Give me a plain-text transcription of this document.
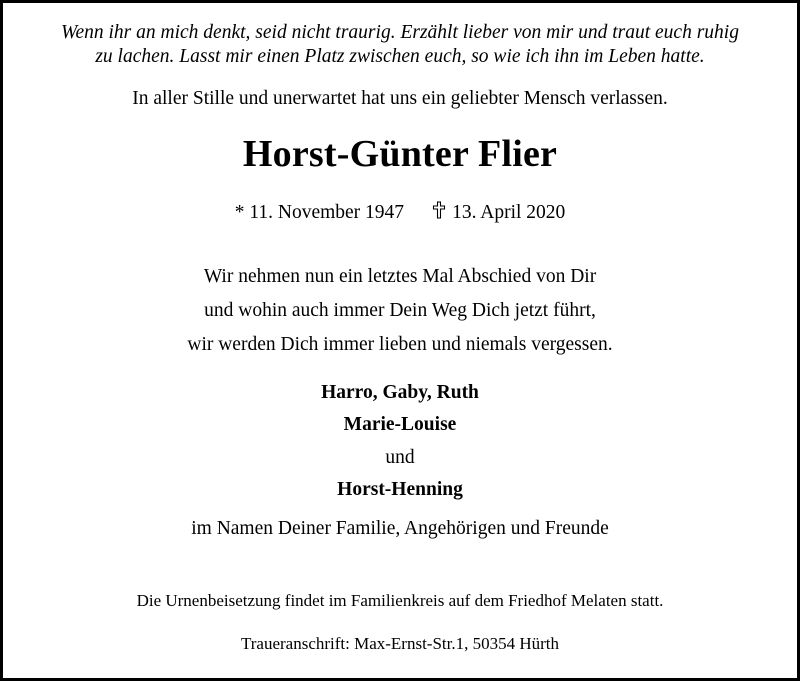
Wenn ihr an mich denkt, seid nicht traurig. Erzählt lieber von mir und traut euch ruhig
zu lachen. Lasst mir einen Platz zwischen euch, so wie ich ihn im Leben hatte.
In aller Stille und unerwartet hat uns ein geliebter Mensch verlassen.
Horst-Günter Flier
* 11. November 1947 13. April 2020
Wir nehmen nun ein letztes Mal Abschied von Dir
und wohin auch immer Dein Weg Dich jetzt führt,
wir werden Dich immer lieben und niemals vergessen.
Harro, Gaby, Ruth
Marie-Louise
und
Horst-Henning
im Namen Deiner Familie, Angehörigen und Freunde
Die Urnenbeisetzung findet im Familienkreis auf dem Friedhof Melaten statt.
Traueranschrift: Max-Ernst-Str.1, 50354 Hürth
